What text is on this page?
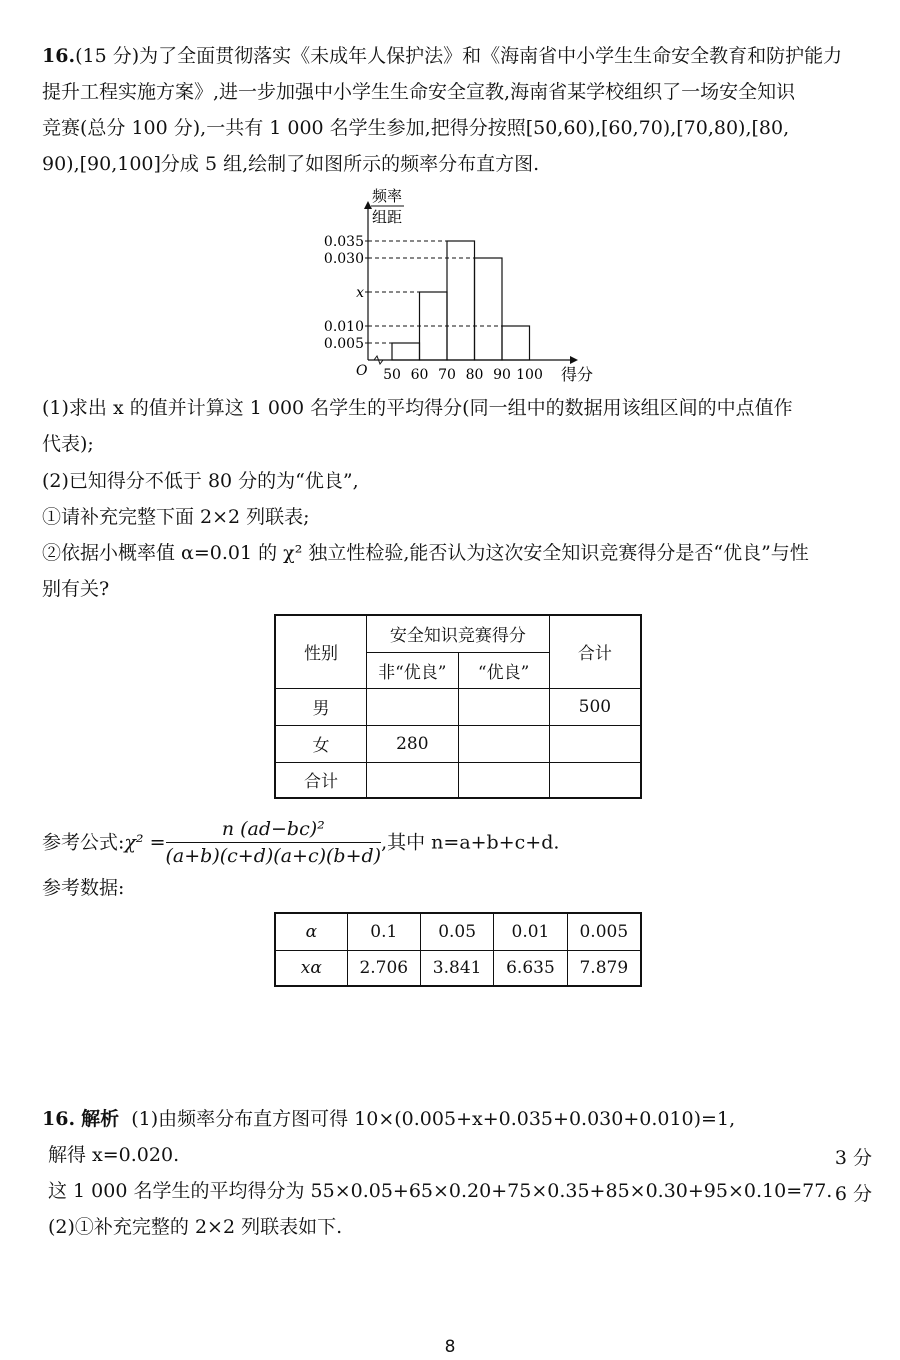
16.(15 分)为了全面贯彻落实《未成年人保护法》和《海南省中小学生生命安全教育和防护能力
提升工程实施方案》,进一步加强中小学生生命安全宣教,海南省某学校组织了一场安全知识
竞赛(总分 100 分),一共有 1 000 名学生参加,把得分按照[50,60),[60,70),[70,80),[80,
90),[90,100]分成 5 组,绘制了如图所示的频率分布直方图.
0.005
0.010
x
0.030
0.035
50 60 70 80 90 100
O
频率
组距
得分
(1)求出 x 的值并计算这 1 000 名学生的平均得分(同一组中的数据用该组区间的中点值作
代表);
(2)已知得分不低于 80 分的为“优良”,
①请补充完整下面 2×2 列联表;
②依据小概率值 α=0.01 的 χ² 独立性检验,能否认为这次安全知识竞赛得分是否“优良”与性
别有关?
性别	安全知识竞赛得分		合计
	非“优良”	“优良”	
男			500
女	280		
合计			
参考公式:χ² = $\frac{\text{n (ad−bc)²}}{(a+b)(c+d)(a+c)(b+d)}$ ,其中 n=a+b+c+d.
参考数据:
α	0.1	0.05	0.01	0.005
xα	2.706	3.841	6.635	7.879
16. 解析 (1)由频率分布直方图可得 10×(0.005+x+0.035+0.030+0.010)=1,
解得 x=0.020.	3 分
这 1 000 名学生的平均得分为 55×0.05+65×0.20+75×0.35+85×0.30+95×0.10=77. 6 分
(2)①补充完整的 2×2 列联表如下.
8
